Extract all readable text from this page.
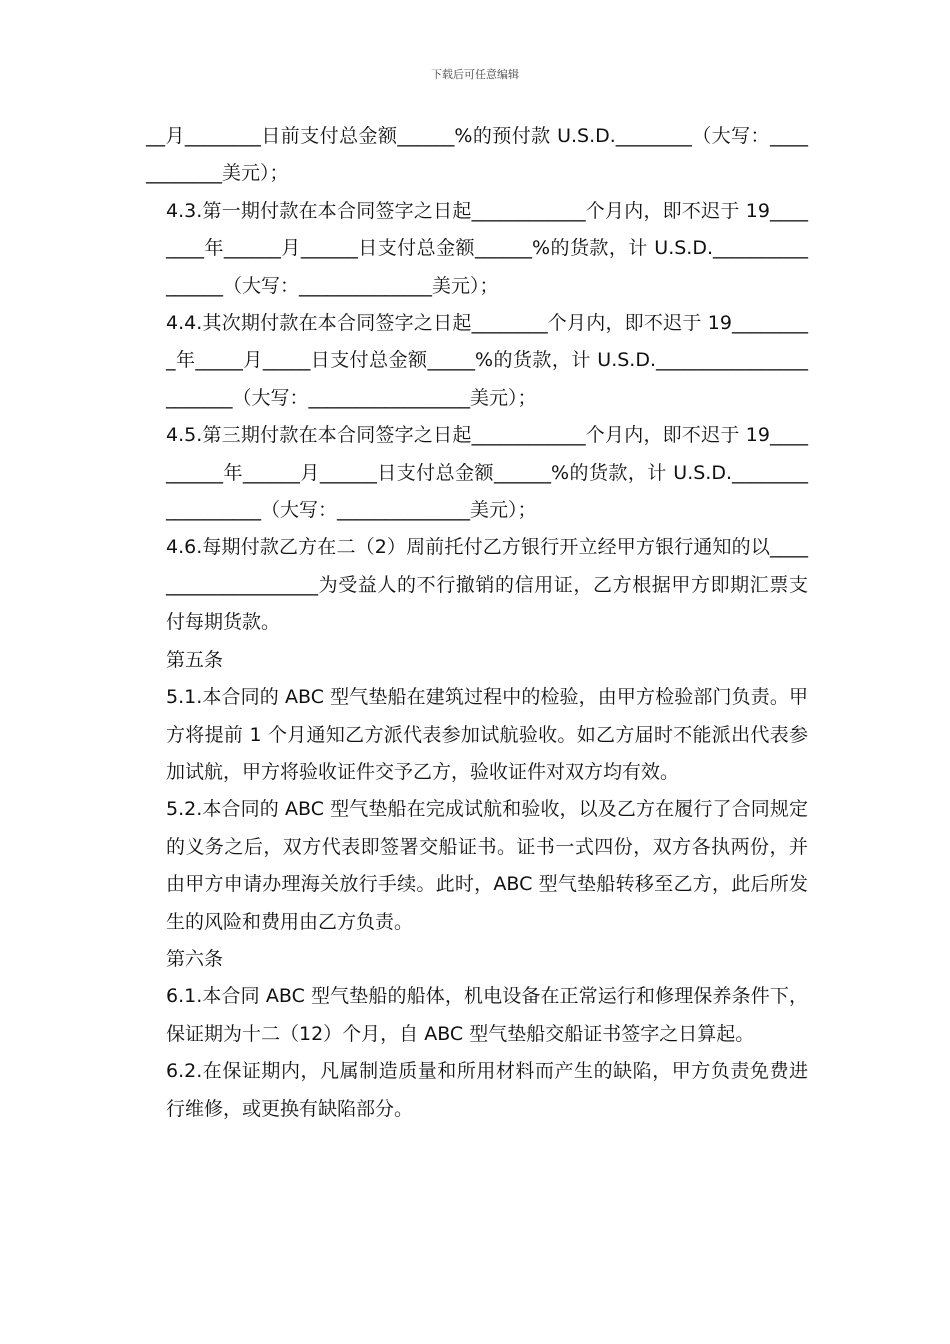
下载后可任意编辑

__月________日前支付总金额______%的预付款 U.S.D.________（大写：____________美元）；

4.3.第一期付款在本合同签字之日起____________个月内，即不迟于 19________年______月______日支付总金额______%的货款，计 U.S.D.________________（大写：______________美元）；

4.4.其次期付款在本合同签字之日起________个月内，即不迟于 19_________年_____月_____日支付总金额_____%的货款，计 U.S.D._______________________（大写：_________________美元）；

4.5.第三期付款在本合同签字之日起____________个月内，即不迟于 19__________年______月______日支付总金额______%的货款，计 U.S.D.__________________（大写：______________美元）；

4.6.每期付款乙方在二（2）周前托付乙方银行开立经甲方银行通知的以____________________为受益人的不行撤销的信用证，乙方根据甲方即期汇票支付每期货款。

第五条

5.1.本合同的 ABC 型气垫船在建筑过程中的检验，由甲方检验部门负责。甲方将提前 1 个月通知乙方派代表参加试航验收。如乙方届时不能派出代表参加试航，甲方将验收证件交予乙方，验收证件对双方均有效。

5.2.本合同的 ABC 型气垫船在完成试航和验收，以及乙方在履行了合同规定的义务之后，双方代表即签署交船证书。证书一式四份，双方各执两份，并由甲方申请办理海关放行手续。此时，ABC 型气垫船转移至乙方，此后所发生的风险和费用由乙方负责。

第六条

6.1.本合同 ABC 型气垫船的船体，机电设备在正常运行和修理保养条件下，保证期为十二（12）个月，自 ABC 型气垫船交船证书签字之日算起。

6.2.在保证期内，凡属制造质量和所用材料而产生的缺陷，甲方负责免费进行维修，或更换有缺陷部分。
